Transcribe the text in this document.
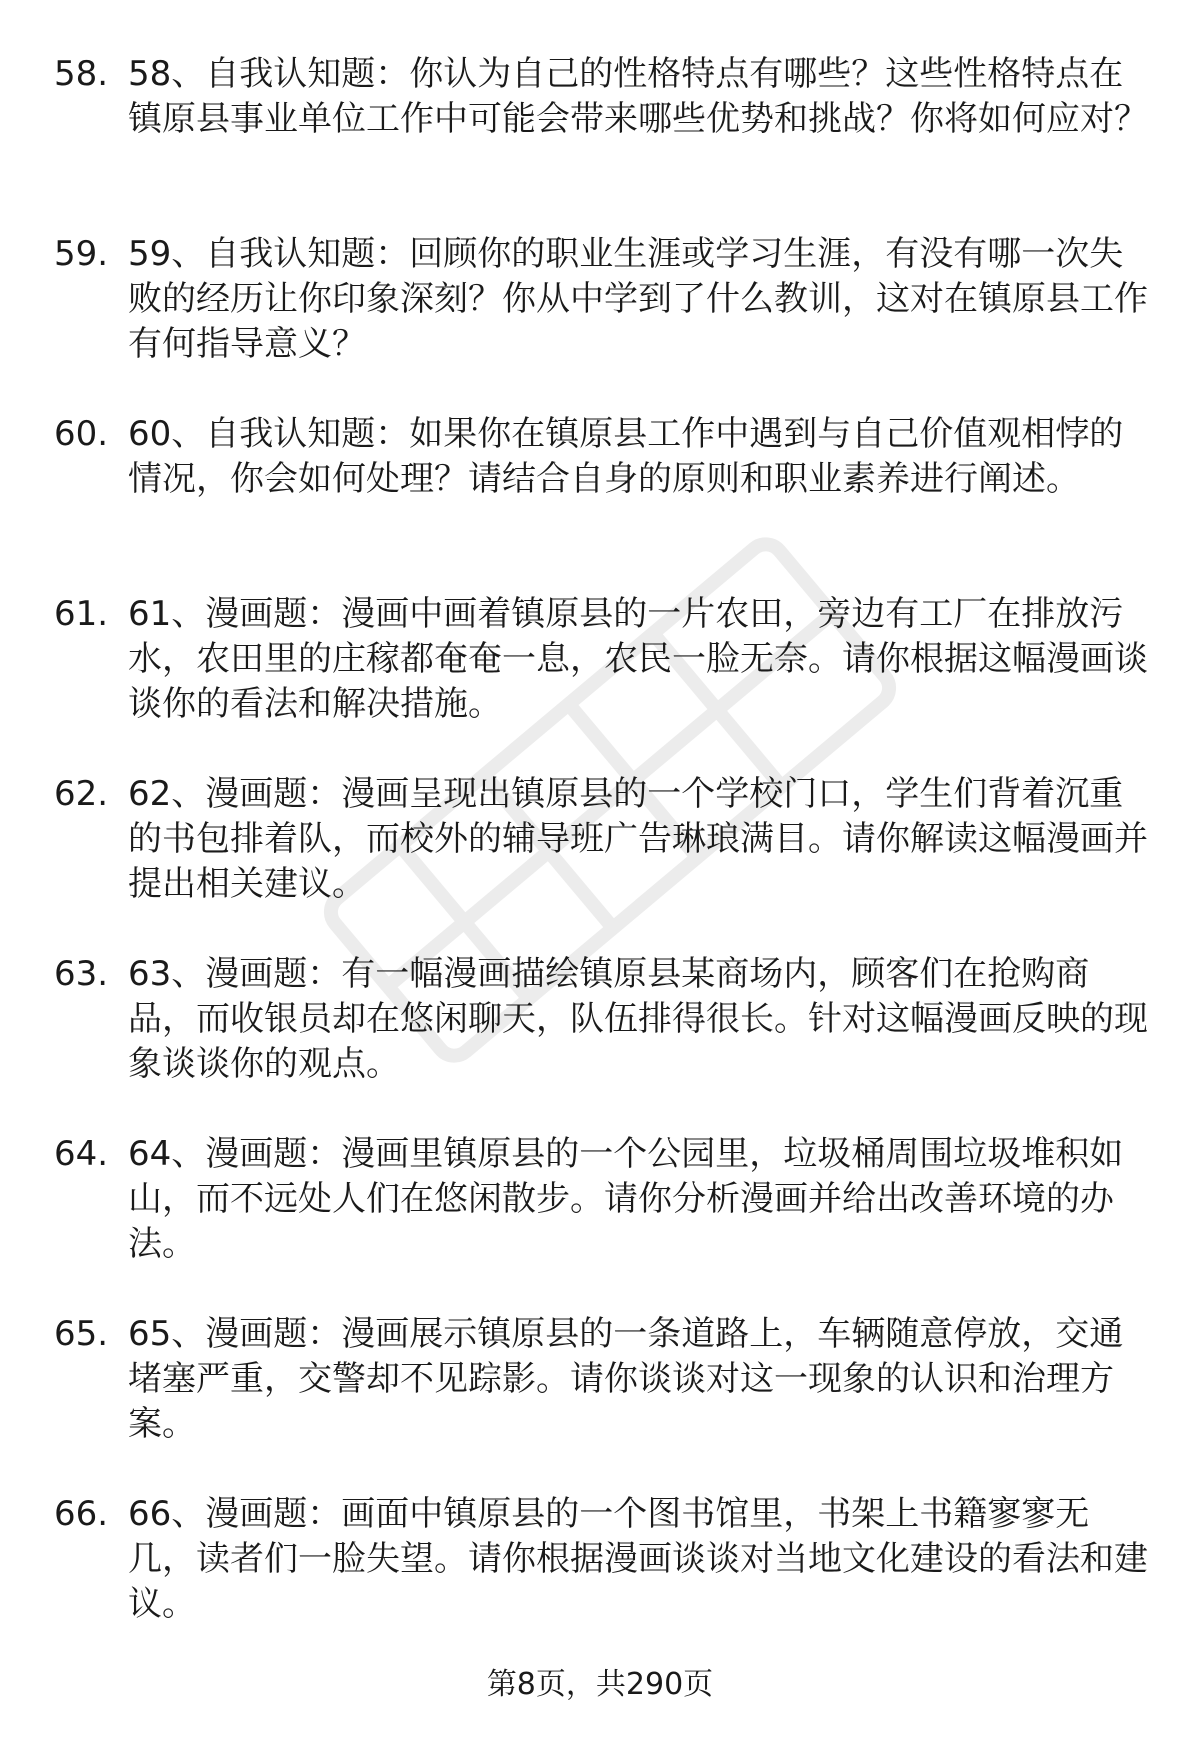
58. 58、自我认知题：你认为自己的性格特点有哪些？这些性格特点在镇原县事业单位工作中可能会带来哪些优势和挑战？你将如何应对？

59. 59、自我认知题：回顾你的职业生涯或学习生涯，有没有哪一次失败的经历让你印象深刻？你从中学到了什么教训，这对在镇原县工作有何指导意义？

60. 60、自我认知题：如果你在镇原县工作中遇到与自己价值观相悖的情况，你会如何处理？请结合自身的原则和职业素养进行阐述。

61. 61、漫画题：漫画中画着镇原县的一片农田，旁边有工厂在排放污水，农田里的庄稼都奄奄一息，农民一脸无奈。请你根据这幅漫画谈谈你的看法和解决措施。

62. 62、漫画题：漫画呈现出镇原县的一个学校门口，学生们背着沉重的书包排着队，而校外的辅导班广告琳琅满目。请你解读这幅漫画并提出相关建议。

63. 63、漫画题：有一幅漫画描绘镇原县某商场内，顾客们在抢购商品，而收银员却在悠闲聊天，队伍排得很长。针对这幅漫画反映的现象谈谈你的观点。

64. 64、漫画题：漫画里镇原县的一个公园里，垃圾桶周围垃圾堆积如山，而不远处人们在悠闲散步。请你分析漫画并给出改善环境的办法。

65. 65、漫画题：漫画展示镇原县的一条道路上，车辆随意停放，交通堵塞严重，交警却不见踪影。请你谈谈对这一现象的认识和治理方案。

66. 66、漫画题：画面中镇原县的一个图书馆里，书架上书籍寥寥无几，读者们一脸失望。请你根据漫画谈谈对当地文化建设的看法和建议。

第8页，共290页
